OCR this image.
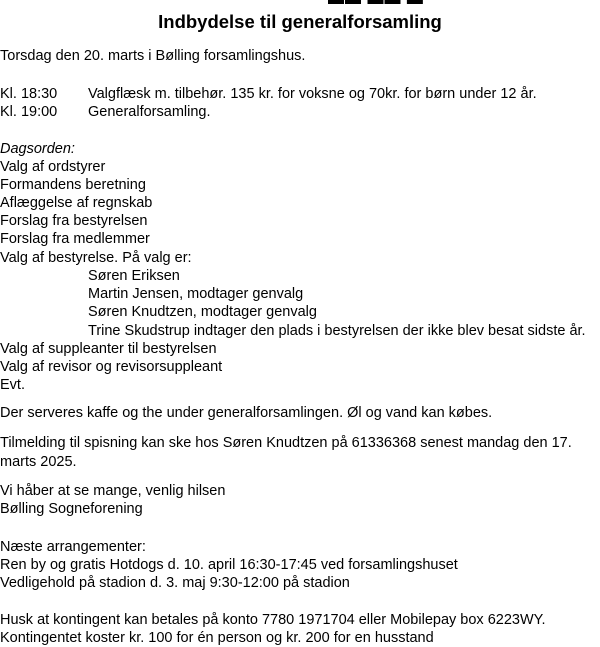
Indbydelse til generalforsamling
Torsdag den 20. marts i Bølling forsamlingshus.
Kl. 18:30 Valgflæsk m. tilbehør. 135 kr. for voksne og 70kr. for børn under 12 år.
Kl. 19:00 Generalforsamling.
Dagsorden:
Valg af ordstyrer
Formandens beretning
Aflæggelse af regnskab
Forslag fra bestyrelsen
Forslag fra medlemmer
Valg af bestyrelse. På valg er:
Søren Eriksen
Martin Jensen, modtager genvalg
Søren Knudtzen, modtager genvalg
Trine Skudstrup indtager den plads i bestyrelsen der ikke blev besat sidste år.
Valg af suppleanter til bestyrelsen
Valg af revisor og revisorsuppleant
Evt.
Der serveres kaffe og the under generalforsamlingen. Øl og vand kan købes.
Tilmelding til spisning kan ske hos Søren Knudtzen på 61336368 senest mandag den 17.
marts 2025.
Vi håber at se mange, venlig hilsen
Bølling Sogneforening
Næste arrangementer:
Ren by og gratis Hotdogs d. 10. april 16:30-17:45 ved forsamlingshuset
Vedligehold på stadion d. 3. maj 9:30-12:00 på stadion
Husk at kontingent kan betales på konto 7780 1971704 eller Mobilepay box 6223WY.
Kontingentet koster kr. 100 for én person og kr. 200 for en husstand
